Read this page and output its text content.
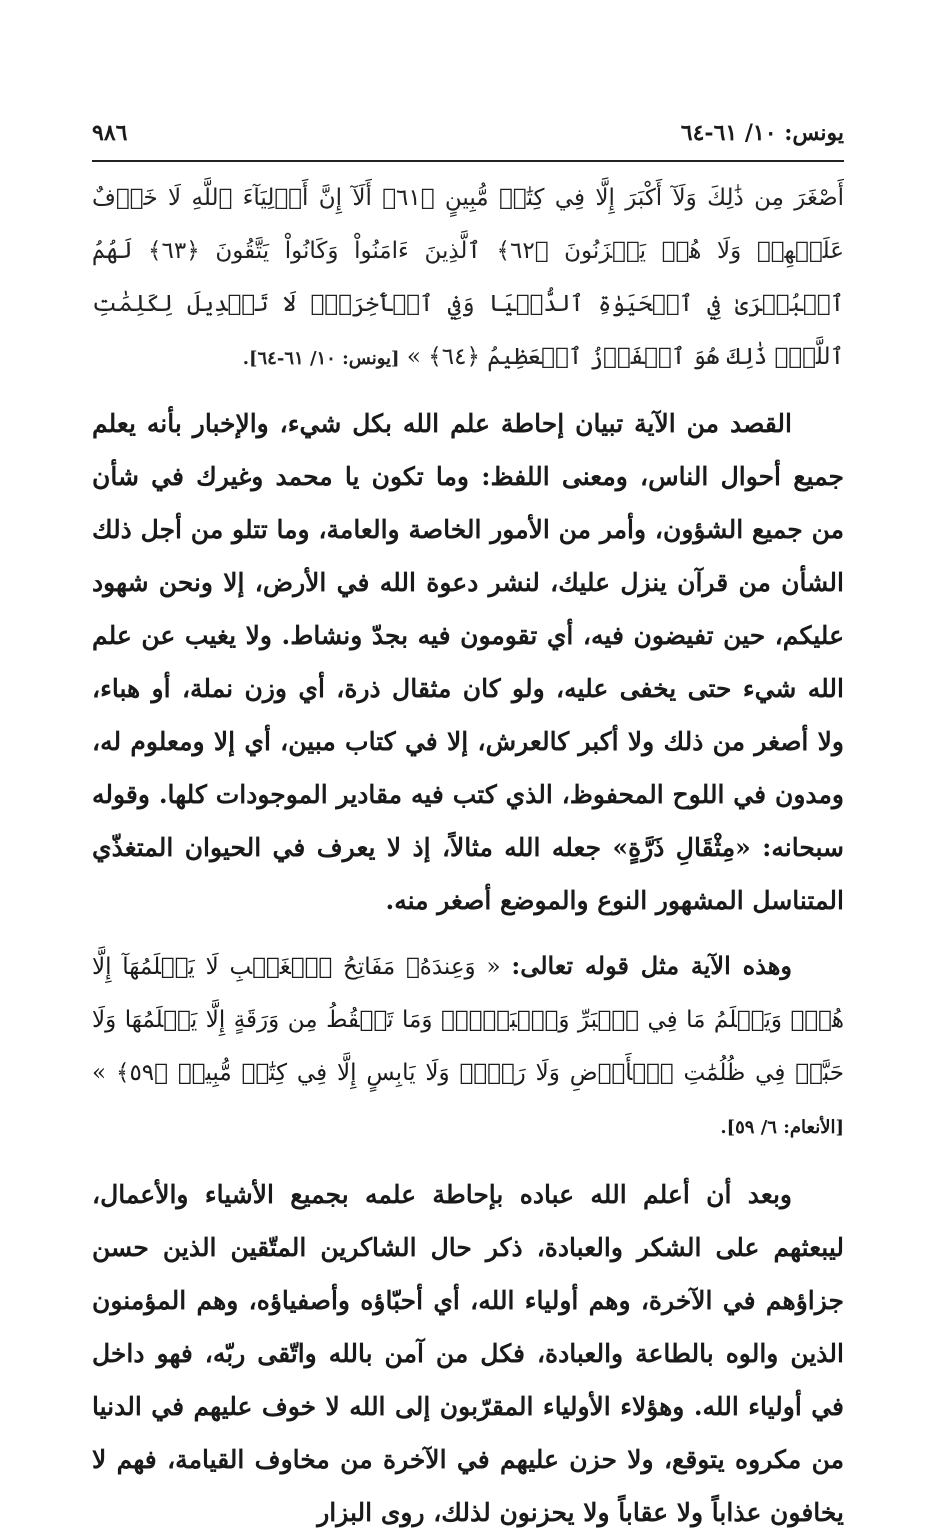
يونس: ١٠/ ٦١-٦٤
٩٨٦

أَصْغَرَ مِن ذَٰلِكَ وَلَآ أَكْبَرَ إِلَّا فِي كِتَٰبٖ مُّبِينٍ ﴿٦١﴾ أَلَآ إِنَّ أَوۡلِيَآءَ ٱللَّهِ لَا خَوۡفٌ عَلَيۡهِمۡ وَلَا هُمۡ يَحۡزَنُونَ ﴿٦٢﴾ ٱلَّذِينَ ءَامَنُواْ وَكَانُواْ يَتَّقُونَ ﴿٦٣﴾ لَهُمُ ٱلۡبُشۡرَىٰ فِي ٱلۡحَيَوٰةِ ٱلدُّنۡيَا وَفِي ٱلۡأٓخِرَةِۚ لَا تَبۡدِيلَ لِكَلِمَٰتِ ٱللَّهِۚ ذَٰلِكَ هُوَ ٱلۡفَوۡزُ ٱلۡعَظِيمُ ﴿٦٤﴾ » [يونس: ١٠/ ٦١-٦٤].

القصد من الآية تبيان إحاطة علم الله بكل شيء، والإخبار بأنه يعلم جميع أحوال الناس، ومعنى اللفظ: وما تكون يا محمد وغيرك في شأن من جميع الشؤون، وأمر من الأمور الخاصة والعامة، وما تتلو من أجل ذلك الشأن من قرآن ينزل عليك، لنشر دعوة الله في الأرض، إلا ونحن شهود عليكم، حين تفيضون فيه، أي تقومون فيه بجدّ ونشاط. ولا يغيب عن علم الله شيء حتى يخفى عليه، ولو كان مثقال ذرة، أي وزن نملة، أو هباء، ولا أصغر من ذلك ولا أكبر كالعرش، إلا في كتاب مبين، أي إلا ومعلوم له، ومدون في اللوح المحفوظ، الذي كتب فيه مقادير الموجودات كلها. وقوله سبحانه: «مِثْقَالِ ذَرَّةٍ» جعله الله مثالاً، إذ لا يعرف في الحيوان المتغذّي المتناسل المشهور النوع والموضع أصغر منه.

وهذه الآية مثل قوله تعالى: « وَعِندَهُۥ مَفَاتِحُ ٱلۡغَيۡبِ لَا يَعۡلَمُهَآ إِلَّا هُوَۚ وَيَعۡلَمُ مَا فِي ٱلۡبَرِّ وَٱلۡبَحۡرِۚ وَمَا تَسۡقُطُ مِن وَرَقَةٍ إِلَّا يَعۡلَمُهَا وَلَا حَبَّةٖ فِي ظُلُمَٰتِ ٱلۡأَرۡضِ وَلَا رَطۡبٖ وَلَا يَابِسٍ إِلَّا فِي كِتَٰبٖ مُّبِينٖ ﴿٥٩﴾ » [الأنعام: ٦/ ٥٩].

وبعد أن أعلم الله عباده بإحاطة علمه بجميع الأشياء والأعمال، ليبعثهم على الشكر والعبادة، ذكر حال الشاكرين المتّقين الذين حسن جزاؤهم في الآخرة، وهم أولياء الله، أي أحبّاؤه وأصفياؤه، وهم المؤمنون الذين والوه بالطاعة والعبادة، فكل من آمن بالله واتّقى ربّه، فهو داخل في أولياء الله. وهؤلاء الأولياء المقرّبون إلى الله لا خوف عليهم في الدنيا من مكروه يتوقع، ولا حزن عليهم في الآخرة من مخاوف القيامة، فهم لا يخافون عذاباً ولا عقاباً ولا يحزنون لذلك، روى البزار
